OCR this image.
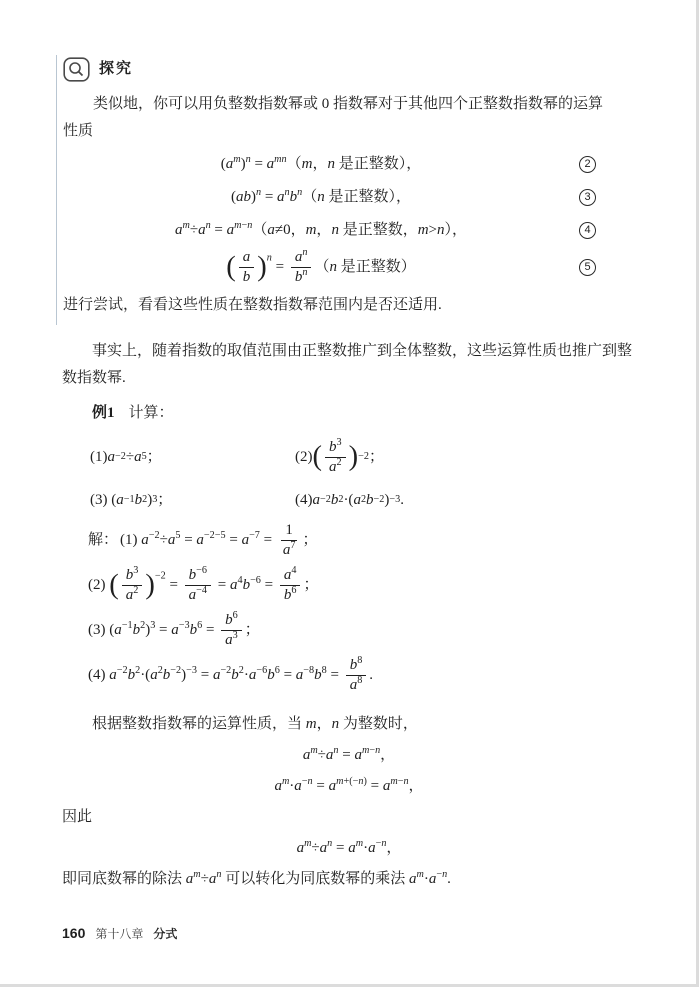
探究

类似地，你可以用负整数指数幂或 0 指数幂对于其他四个正整数指数幂的运算性质

$(a^m)^n = a^{mn}(m$，n 是正整数），	2
$(ab)^n = a^nb^n(n$ 是正整数），	3
$a^m\div a^n = a^{m-n}(a\ne 0$，m，n 是正整数，m>n），	4
( $\frac{a}{b} )^n = \frac{a^n}{b^n} (n$ 是正整数）	5

进行尝试，看看这些性质在整数指数幂范围内是否还适用.

事实上，随着指数的取值范围由正整数推广到全体整数，这些运算性质也推广到整数指数幂.

例1 计算：
(1) a −2 ÷ a 5 ；	(2) ( $\frac{b^3}{a^2}$ ) −2 ；
(3) ( a −1 b 2 ) 3 ；	(4) a −2 b 2 ·( a 2 b −2 ) −3 .
解： (1) $a^{-2}\div a^5 = a^{-2-5} = a^{-7} = \frac{1}{a^7}$ ；
(2) ( $\frac{b^3}{a^2} )^{-2} = \frac{b^{-6}}{a^{-4}} = a^4b^{-6} = \frac{a^4}{b^6}$ ；
(3) $(a^{-1}b^2)^3 = a^{-3}b^6 = \frac{b^6}{a^3}$ ；
(4) $a^{-2}b^2\cdot(a^2b^{-2})^{-3} = a^{-2}b^2\cdot a^{-6}b^6 = a^{-8}b^8 = \frac{b^8}{a^8}$ .

根据整数指数幂的运算性质，当 m，n 为整数时，

$a^m\div a^n = a^{m-n}$，
$a^m\cdot a^{-n} = a^{m+(-n)} = a^{m-n}$，

因此

$a^m\div a^n = a^m\cdot a^{-n}$，

即同底数幂的除法 $a^m\div a^n$ 可以转化为同底数幂的乘法 $a^m\cdot a^{-n}$.

160 第十八章 分式
